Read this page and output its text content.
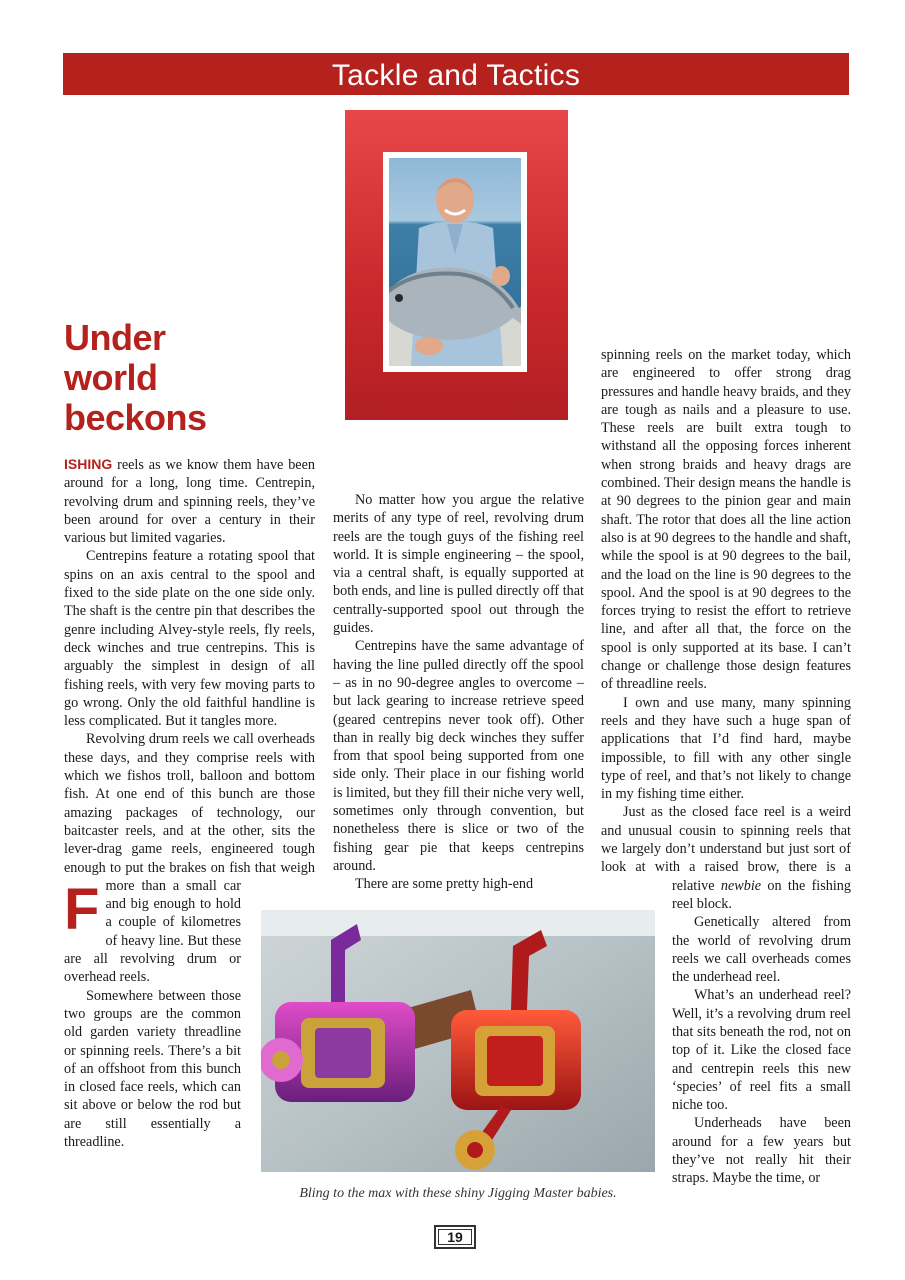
Tackle and Tactics
Under
world
beckons

F
ISHING reels as we know them have been around for a long, long time. Centrepin, revolving drum and spinning reels, they’ve been around for over a century in their various but limited vagaries.

Centrepins feature a rotating spool that spins on an axis central to the spool and fixed to the side plate on the one side only. The shaft is the centre pin that describes the genre including Alvey-style reels, fly reels, deck winches and true centrepins. This is arguably the simplest in design of all fishing reels, with very few moving parts to go wrong. Only the old faithful handline is less complicated. But it tangles more.

Revolving drum reels we call overheads these days, and they comprise reels with which we fishos troll, balloon and bottom fish. At one end of this bunch are those amazing packages of technology, our baitcaster reels, and at the other, sits the lever-drag game reels, engineered tough enough to put the brakes on fish that weigh more than a small car and big enough to hold a couple of kilometres of heavy line. But these are all revolving drum or overhead reels.

Somewhere between those two groups are the common old garden variety threadline or spinning reels. There’s a bit of an offshoot from this bunch in closed face reels, which can sit above or below the rod but are still essentially a threadline.

No matter how you argue the relative merits of any type of reel, revolving drum reels are the tough guys of the fishing reel world. It is simple engineering – the spool, via a central shaft, is equally supported at both ends, and line is pulled directly off that centrally-supported spool out through the guides.

Centrepins have the same advantage of having the line pulled directly off the spool – as in no 90-degree angles to overcome – but lack gearing to increase retrieve speed (geared centrepins never took off). Other than in really big deck winches they suffer from that spool being supported from one side only. Their place in our fishing world is limited, but they fill their niche very well, sometimes only through convention, but nonetheless there is slice or two of the fishing gear pie that keeps centrepins around.

There are some pretty high-end

spinning reels on the market today, which are engineered to offer strong drag pressures and handle heavy braids, and they are tough as nails and a pleasure to use. These reels are built extra tough to withstand all the opposing forces inherent when strong braids and heavy drags are combined. Their design means the handle is at 90 degrees to the pinion gear and main shaft. The rotor that does all the line action also is at 90 degrees to the handle and shaft, while the spool is at 90 degrees to the bail, and the load on the line is 90 degrees to the spool. And the spool is at 90 degrees to the forces trying to resist the effort to retrieve line, and after all that, the force on the spool is only supported at its base. I can’t change or challenge those design features of threadline reels.

I own and use many, many spinning reels and they have such a huge span of applications that I’d find hard, maybe impossible, to fill with any other single type of reel, and that’s not likely to change in my fishing time either.

Just as the closed face reel is a weird and unusual cousin to spinning reels that we largely don’t understand but just sort of look at with a raised brow, there is a relative newbie on the fishing reel block.

Genetically altered from the world of revolving drum reels we call overheads comes the underhead reel.

What’s an underhead reel? Well, it’s a revolving drum reel that sits beneath the rod, not on top of it. Like the closed face and centrepin reels this new ‘species’ of reel fits a small niche too.

Underheads have been around for a few years but they’ve not really hit their straps. Maybe the time, or

Bling to the max with these shiny Jigging Master babies.
19
